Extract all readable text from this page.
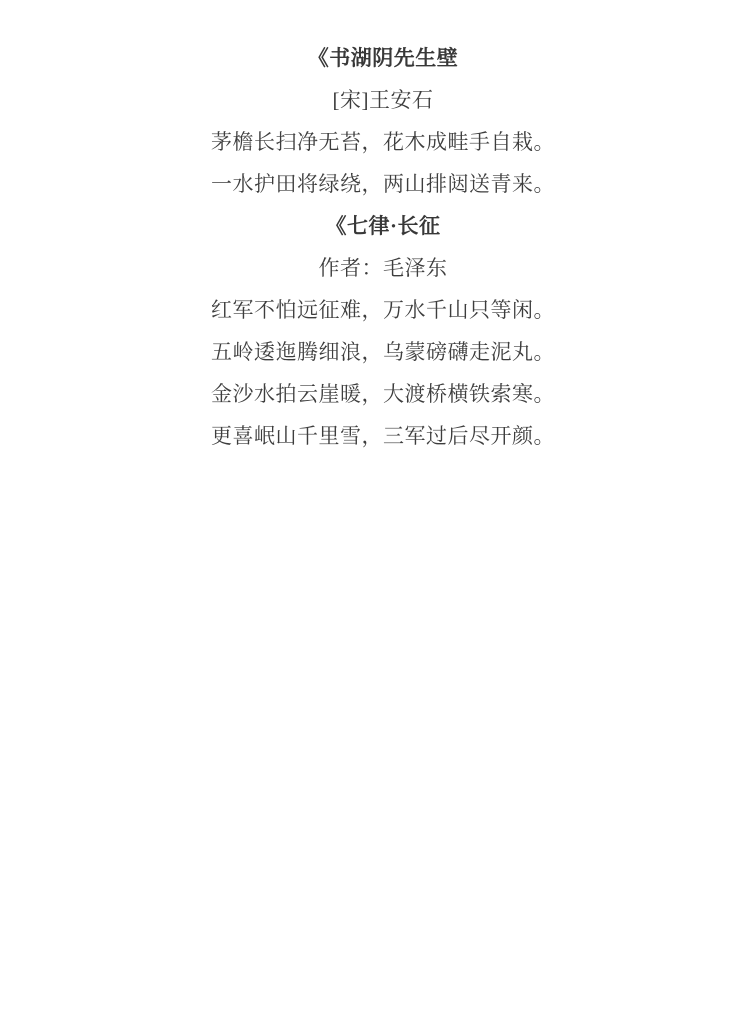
《书湖阴先生壁
[宋]王安石
茅檐长扫净无苔，花木成畦手自栽。
一水护田将绿绕，两山排闼送青来。
《七律·长征
作者：毛泽东
红军不怕远征难，万水千山只等闲。
五岭逶迤腾细浪，乌蒙磅礴走泥丸。
金沙水拍云崖暖，大渡桥横铁索寒。
更喜岷山千里雪，三军过后尽开颜。
